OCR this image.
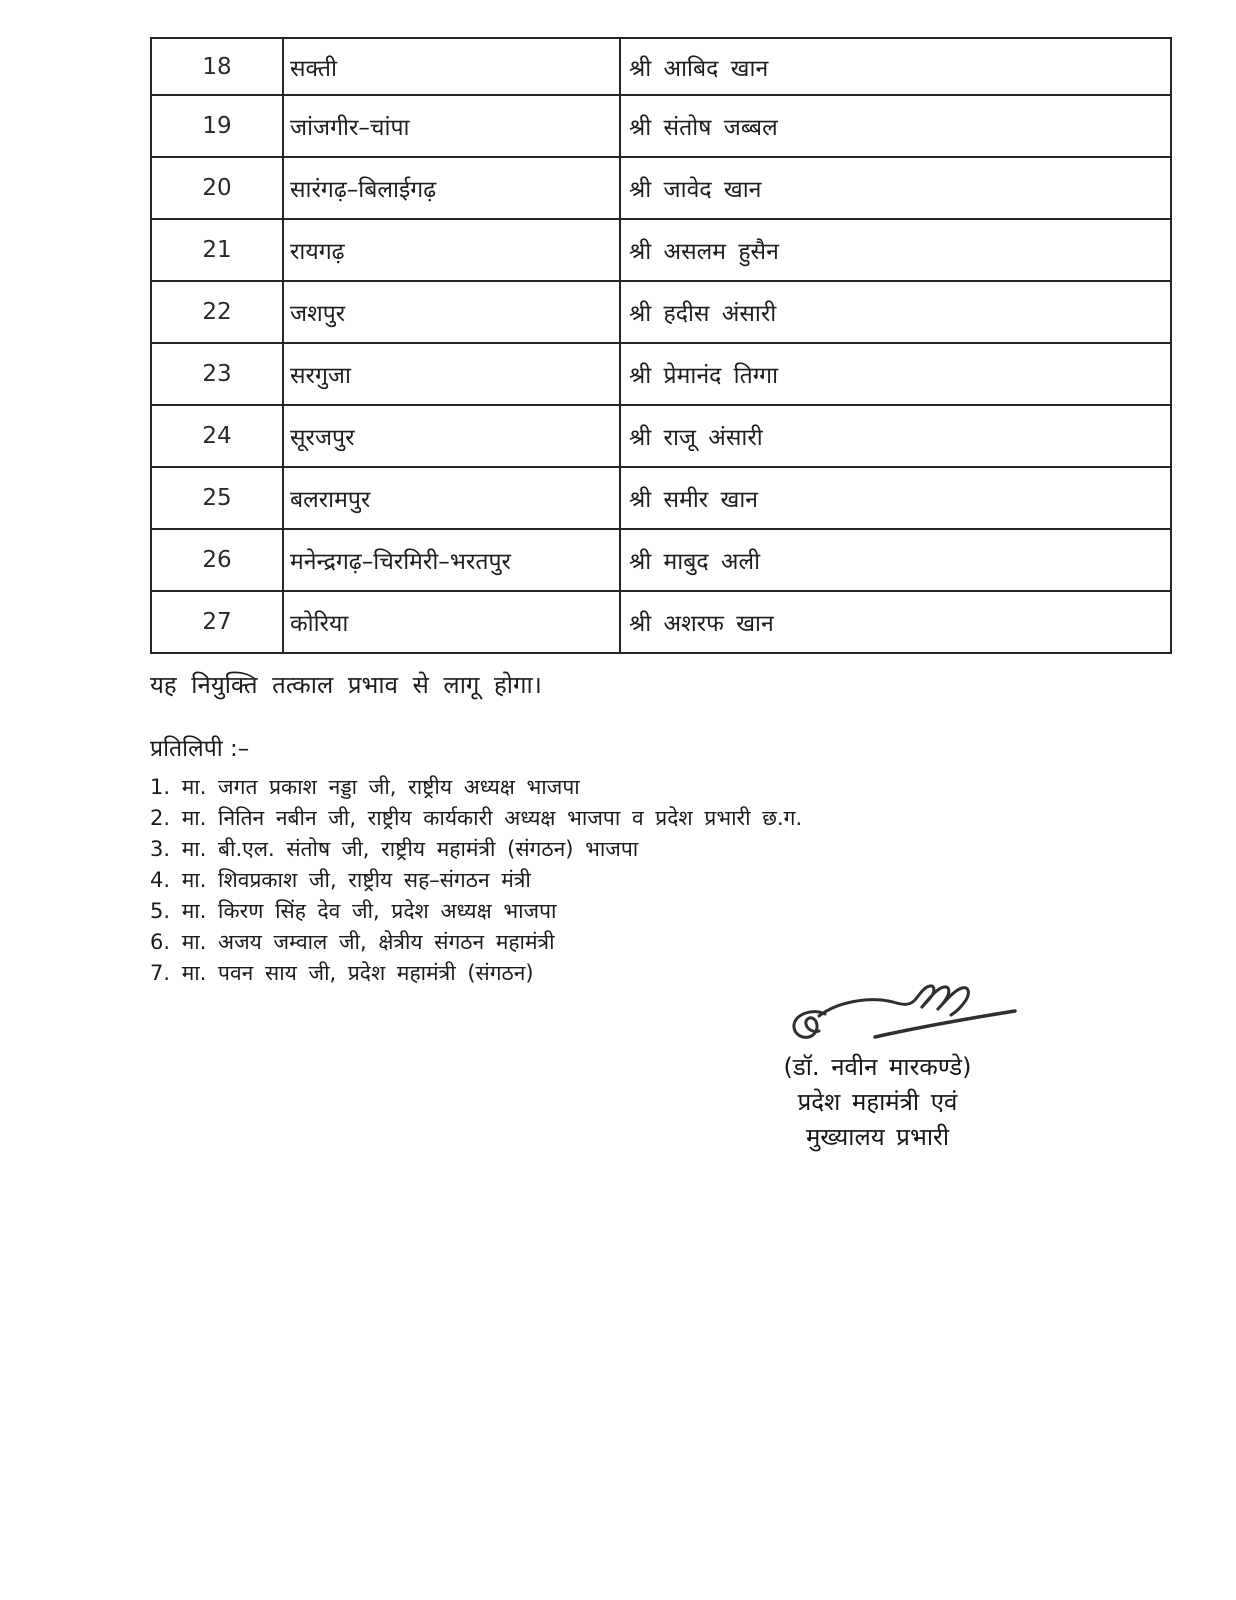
18	सक्ती	श्री आबिद खान
19	जांजगीर–चांपा	श्री संतोष जब्बल
20	सारंगढ़–बिलाईगढ़	श्री जावेद खान
21	रायगढ़	श्री असलम हुसैन
22	जशपुर	श्री हदीस अंसारी
23	सरगुजा	श्री प्रेमानंद तिग्गा
24	सूरजपुर	श्री राजू अंसारी
25	बलरामपुर	श्री समीर खान
26	मनेन्द्रगढ़–चिरमिरी–भरतपुर	श्री माबुद अली
27	कोरिया	श्री अशरफ खान

यह नियुक्ति तत्काल प्रभाव से लागू होगा।

प्रतिलिपी :–

1. मा. जगत प्रकाश नड्डा जी, राष्ट्रीय अध्यक्ष भाजपा
2. मा. नितिन नबीन जी, राष्ट्रीय कार्यकारी अध्यक्ष भाजपा व प्रदेश प्रभारी छ.ग.
3. मा. बी.एल. संतोष जी, राष्ट्रीय महामंत्री (संगठन) भाजपा
4. मा. शिवप्रकाश जी, राष्ट्रीय सह–संगठन मंत्री
5. मा. किरण सिंह देव जी, प्रदेश अध्यक्ष भाजपा
6. मा. अजय जम्वाल जी, क्षेत्रीय संगठन महामंत्री
7. मा. पवन साय जी, प्रदेश महामंत्री (संगठन)
(डॉ. नवीन मारकण्डे)
प्रदेश महामंत्री एवं
मुख्यालय प्रभारी
